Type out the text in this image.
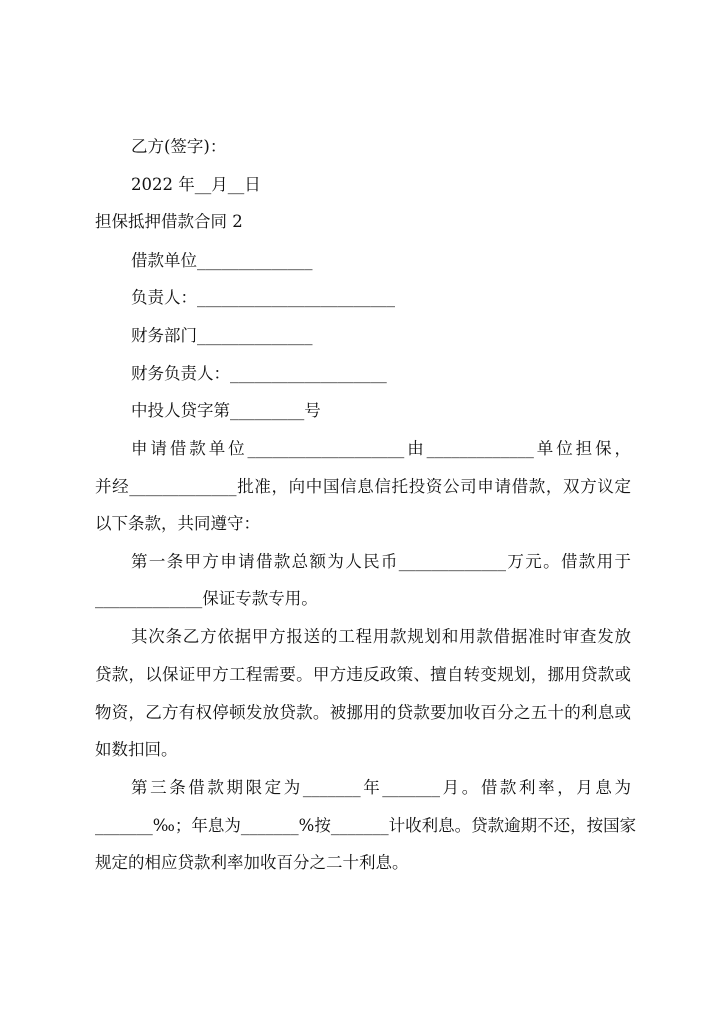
乙方(签字)：

2022 年__月__日

担保抵押借款合同 2

借款单位______________

负责人：________________________

财务部门______________

财务负责人：___________________

中投人贷字第_________号

申请借款单位___________________由_____________单位担保，

并经_____________批准，向中国信息信托投资公司申请借款，双方议定

以下条款，共同遵守：

第一条甲方申请借款总额为人民币_____________万元。借款用于

_____________保证专款专用。

其次条乙方依据甲方报送的工程用款规划和用款借据准时审查发放

贷款，以保证甲方工程需要。甲方违反政策、擅自转变规划，挪用贷款或

物资，乙方有权停顿发放贷款。被挪用的贷款要加收百分之五十的利息或

如数扣回。

第三条借款期限定为_______年_______月。借款利率，月息为

_______‰；年息为_______%按_______计收利息。贷款逾期不还，按国家

规定的相应贷款利率加收百分之二十利息。
